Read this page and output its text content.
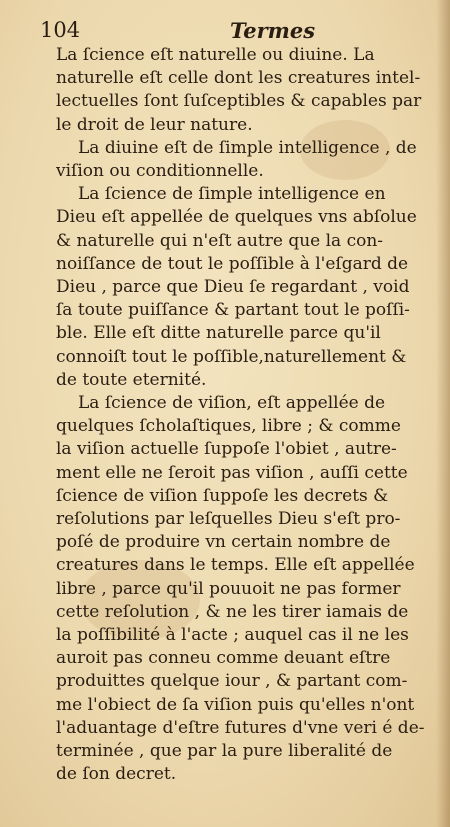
104	Termes
La ſcience eſt naturelle ou diuine. La
naturelle eſt celle dont les creatures intel-
lectuelles ſont ſuſceptibles & capables par
le droit de leur nature.
La diuine eſt de ſimple intelligence , de
viſion ou conditionnelle.
La ſcience de ſimple intelligence en
Dieu eſt appellée de quelques vns abſolue
& naturelle qui n'eſt autre que la con-
noiſſance de tout le poſſible à l'eſgard de
Dieu , parce que Dieu ſe regardant , void
ſa toute puiſſance & partant tout le poſſi-
ble. Elle eſt ditte naturelle parce qu'il
connoiſt tout le poſſible,naturellement &
de toute eternité.
La ſcience de viſion, eſt appellée de
quelques ſcholaſtiques, libre ; & comme
la viſion actuelle ſuppoſe l'obiet , autre-
ment elle ne ſeroit pas viſion , auſſi cette
ſcience de viſion ſuppoſe les decrets &
reſolutions par leſquelles Dieu s'eſt pro-
poſé de produire vn certain nombre de
creatures dans le temps. Elle eſt appellée
libre , parce qu'il pouuoit ne pas former
cette reſolution , & ne les tirer iamais de
la poſſibilité à l'acte ; auquel cas il ne les
auroit pas conneu comme deuant eſtre
produittes quelque iour , & partant com-
me l'obiect de ſa viſion puis qu'elles n'ont
l'aduantage d'eſtre futures d'vne veri é de-
terminée , que par la pure liberalité de
de ſon decret.
